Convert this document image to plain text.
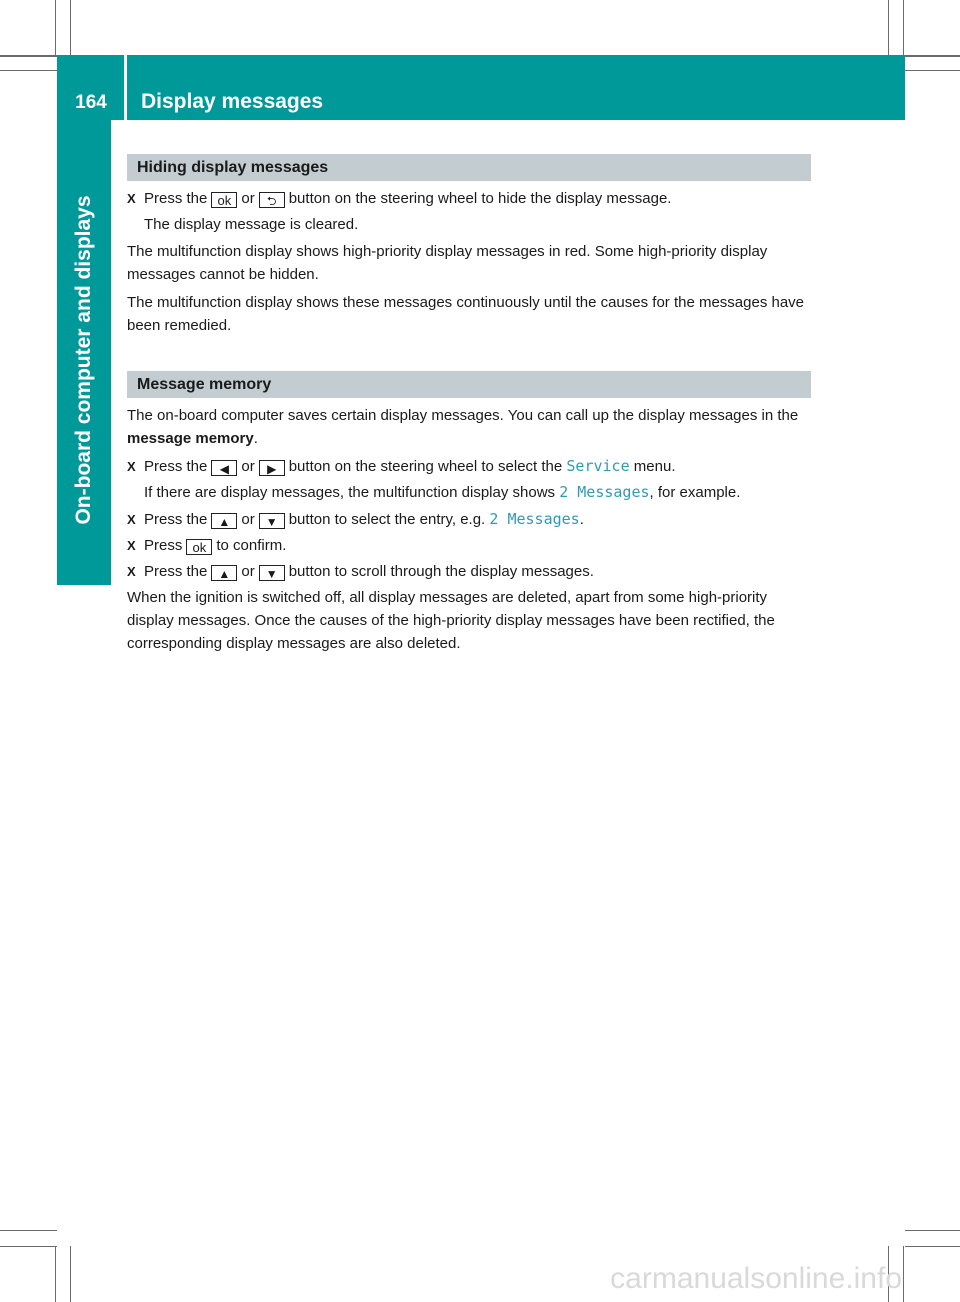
164	Display messages
On-board computer and displays
Hiding display messages
X Press the ok or ⮌ button on the steering wheel to hide the display message.
The display message is cleared.

The multifunction display shows high-priority display messages in red. Some high-priority display messages cannot be hidden.

The multifunction display shows these messages continuously until the causes for the messages have been remedied.

Message memory

The on-board computer saves certain display messages. You can call up the display messages in the message memory.

X Press the ◀ or ▶ button on the steering wheel to select the Service menu.
If there are display messages, the multifunction display shows 2 Messages, for example.
X Press the ▲ or ▼ button to select the entry, e.g. 2 Messages.
X Press ok to confirm.
X Press the ▲ or ▼ button to scroll through the display messages.

When the ignition is switched off, all display messages are deleted, apart from some high-priority display messages. Once the causes of the high-priority display messages have been rectified, the corresponding display messages are also deleted.

carmanualsonline.info
